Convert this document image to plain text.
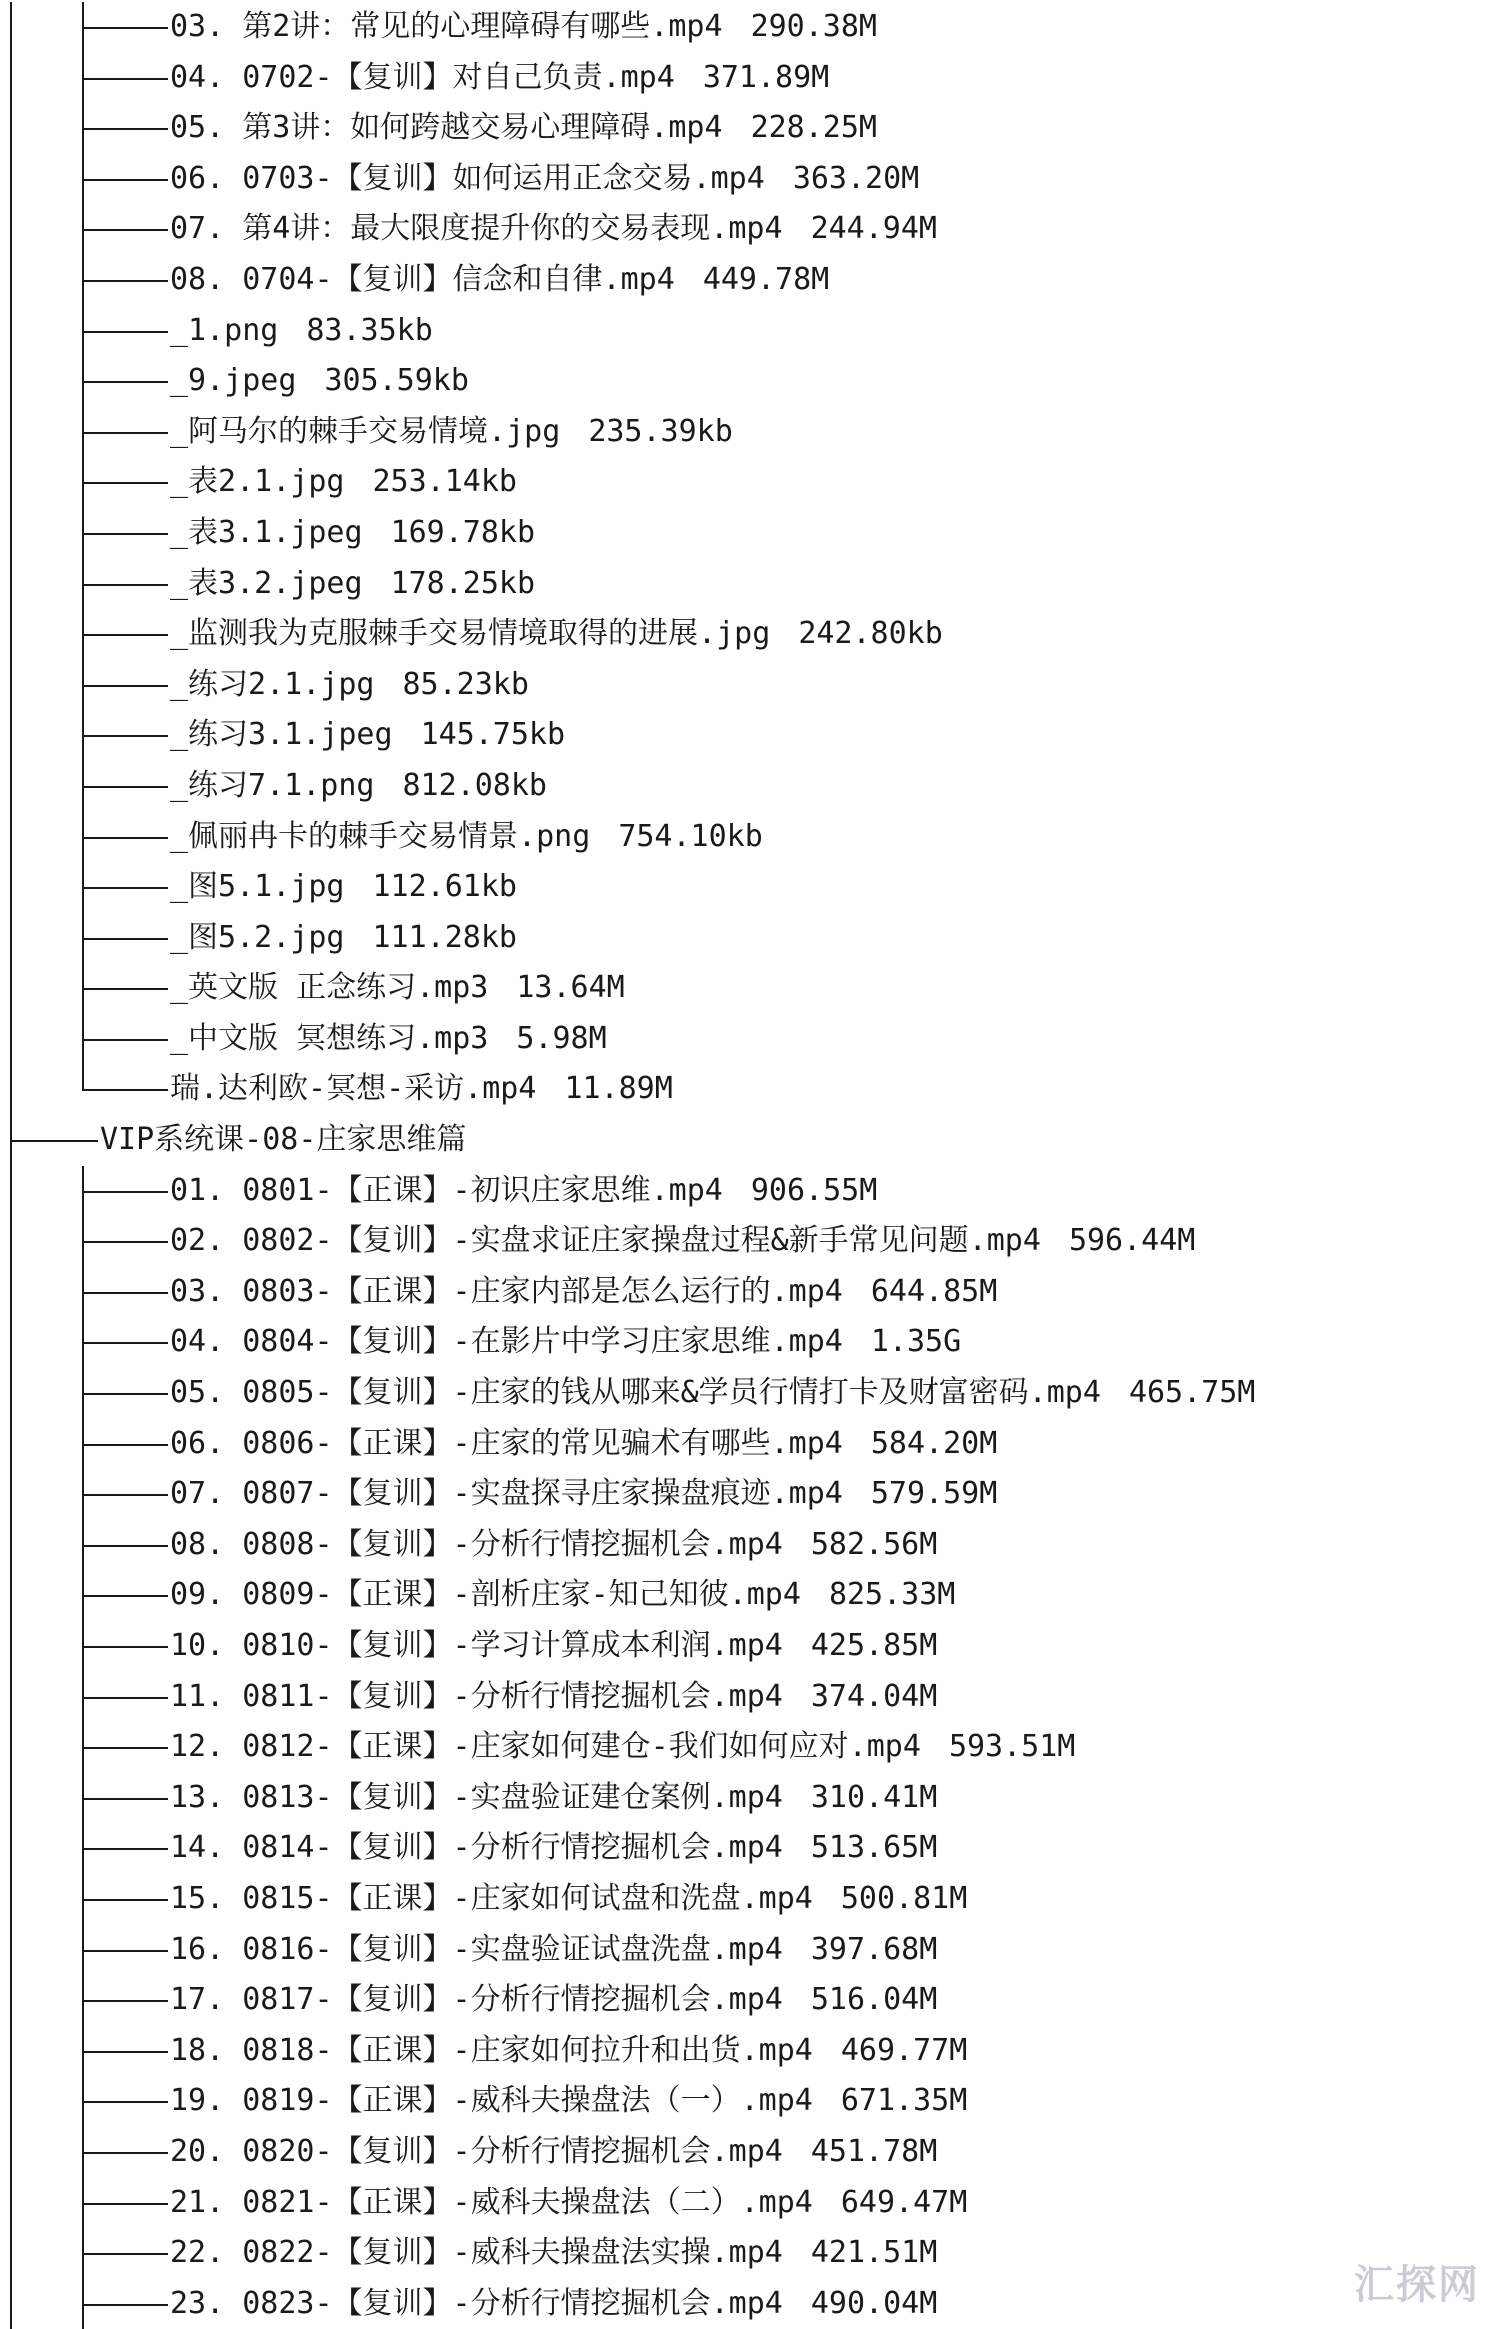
03. 第2讲：常见的心理障碍有哪些.mp4 290.38M
04. 0702-【复训】对自己负责.mp4 371.89M
05. 第3讲：如何跨越交易心理障碍.mp4 228.25M
06. 0703-【复训】如何运用正念交易.mp4 363.20M
07. 第4讲：最大限度提升你的交易表现.mp4 244.94M
08. 0704-【复训】信念和自律.mp4 449.78M
_1.png 83.35kb
_9.jpeg 305.59kb
_阿马尔的棘手交易情境.jpg 235.39kb
_表2.1.jpg 253.14kb
_表3.1.jpeg 169.78kb
_表3.2.jpeg 178.25kb
_监测我为克服棘手交易情境取得的进展.jpg 242.80kb
_练习2.1.jpg 85.23kb
_练习3.1.jpeg 145.75kb
_练习7.1.png 812.08kb
_佩丽冉卡的棘手交易情景.png 754.10kb
_图5.1.jpg 112.61kb
_图5.2.jpg 111.28kb
_英文版 正念练习.mp3 13.64M
_中文版 冥想练习.mp3 5.98M
瑞.达利欧-冥想-采访.mp4 11.89M
VIP系统课-08-庄家思维篇
01. 0801-【正课】-初识庄家思维.mp4 906.55M
02. 0802-【复训】-实盘求证庄家操盘过程&新手常见问题.mp4 596.44M
03. 0803-【正课】-庄家内部是怎么运行的.mp4 644.85M
04. 0804-【复训】-在影片中学习庄家思维.mp4 1.35G
05. 0805-【复训】-庄家的钱从哪来&学员行情打卡及财富密码.mp4 465.75M
06. 0806-【正课】-庄家的常见骗术有哪些.mp4 584.20M
07. 0807-【复训】-实盘探寻庄家操盘痕迹.mp4 579.59M
08. 0808-【复训】-分析行情挖掘机会.mp4 582.56M
09. 0809-【正课】-剖析庄家-知己知彼.mp4 825.33M
10. 0810-【复训】-学习计算成本利润.mp4 425.85M
11. 0811-【复训】-分析行情挖掘机会.mp4 374.04M
12. 0812-【正课】-庄家如何建仓-我们如何应对.mp4 593.51M
13. 0813-【复训】-实盘验证建仓案例.mp4 310.41M
14. 0814-【复训】-分析行情挖掘机会.mp4 513.65M
15. 0815-【正课】-庄家如何试盘和洗盘.mp4 500.81M
16. 0816-【复训】-实盘验证试盘洗盘.mp4 397.68M
17. 0817-【复训】-分析行情挖掘机会.mp4 516.04M
18. 0818-【正课】-庄家如何拉升和出货.mp4 469.77M
19. 0819-【正课】-威科夫操盘法（一）.mp4 671.35M
20. 0820-【复训】-分析行情挖掘机会.mp4 451.78M
21. 0821-【正课】-威科夫操盘法（二）.mp4 649.47M
22. 0822-【复训】-威科夫操盘法实操.mp4 421.51M
23. 0823-【复训】-分析行情挖掘机会.mp4 490.04M	汇探网
